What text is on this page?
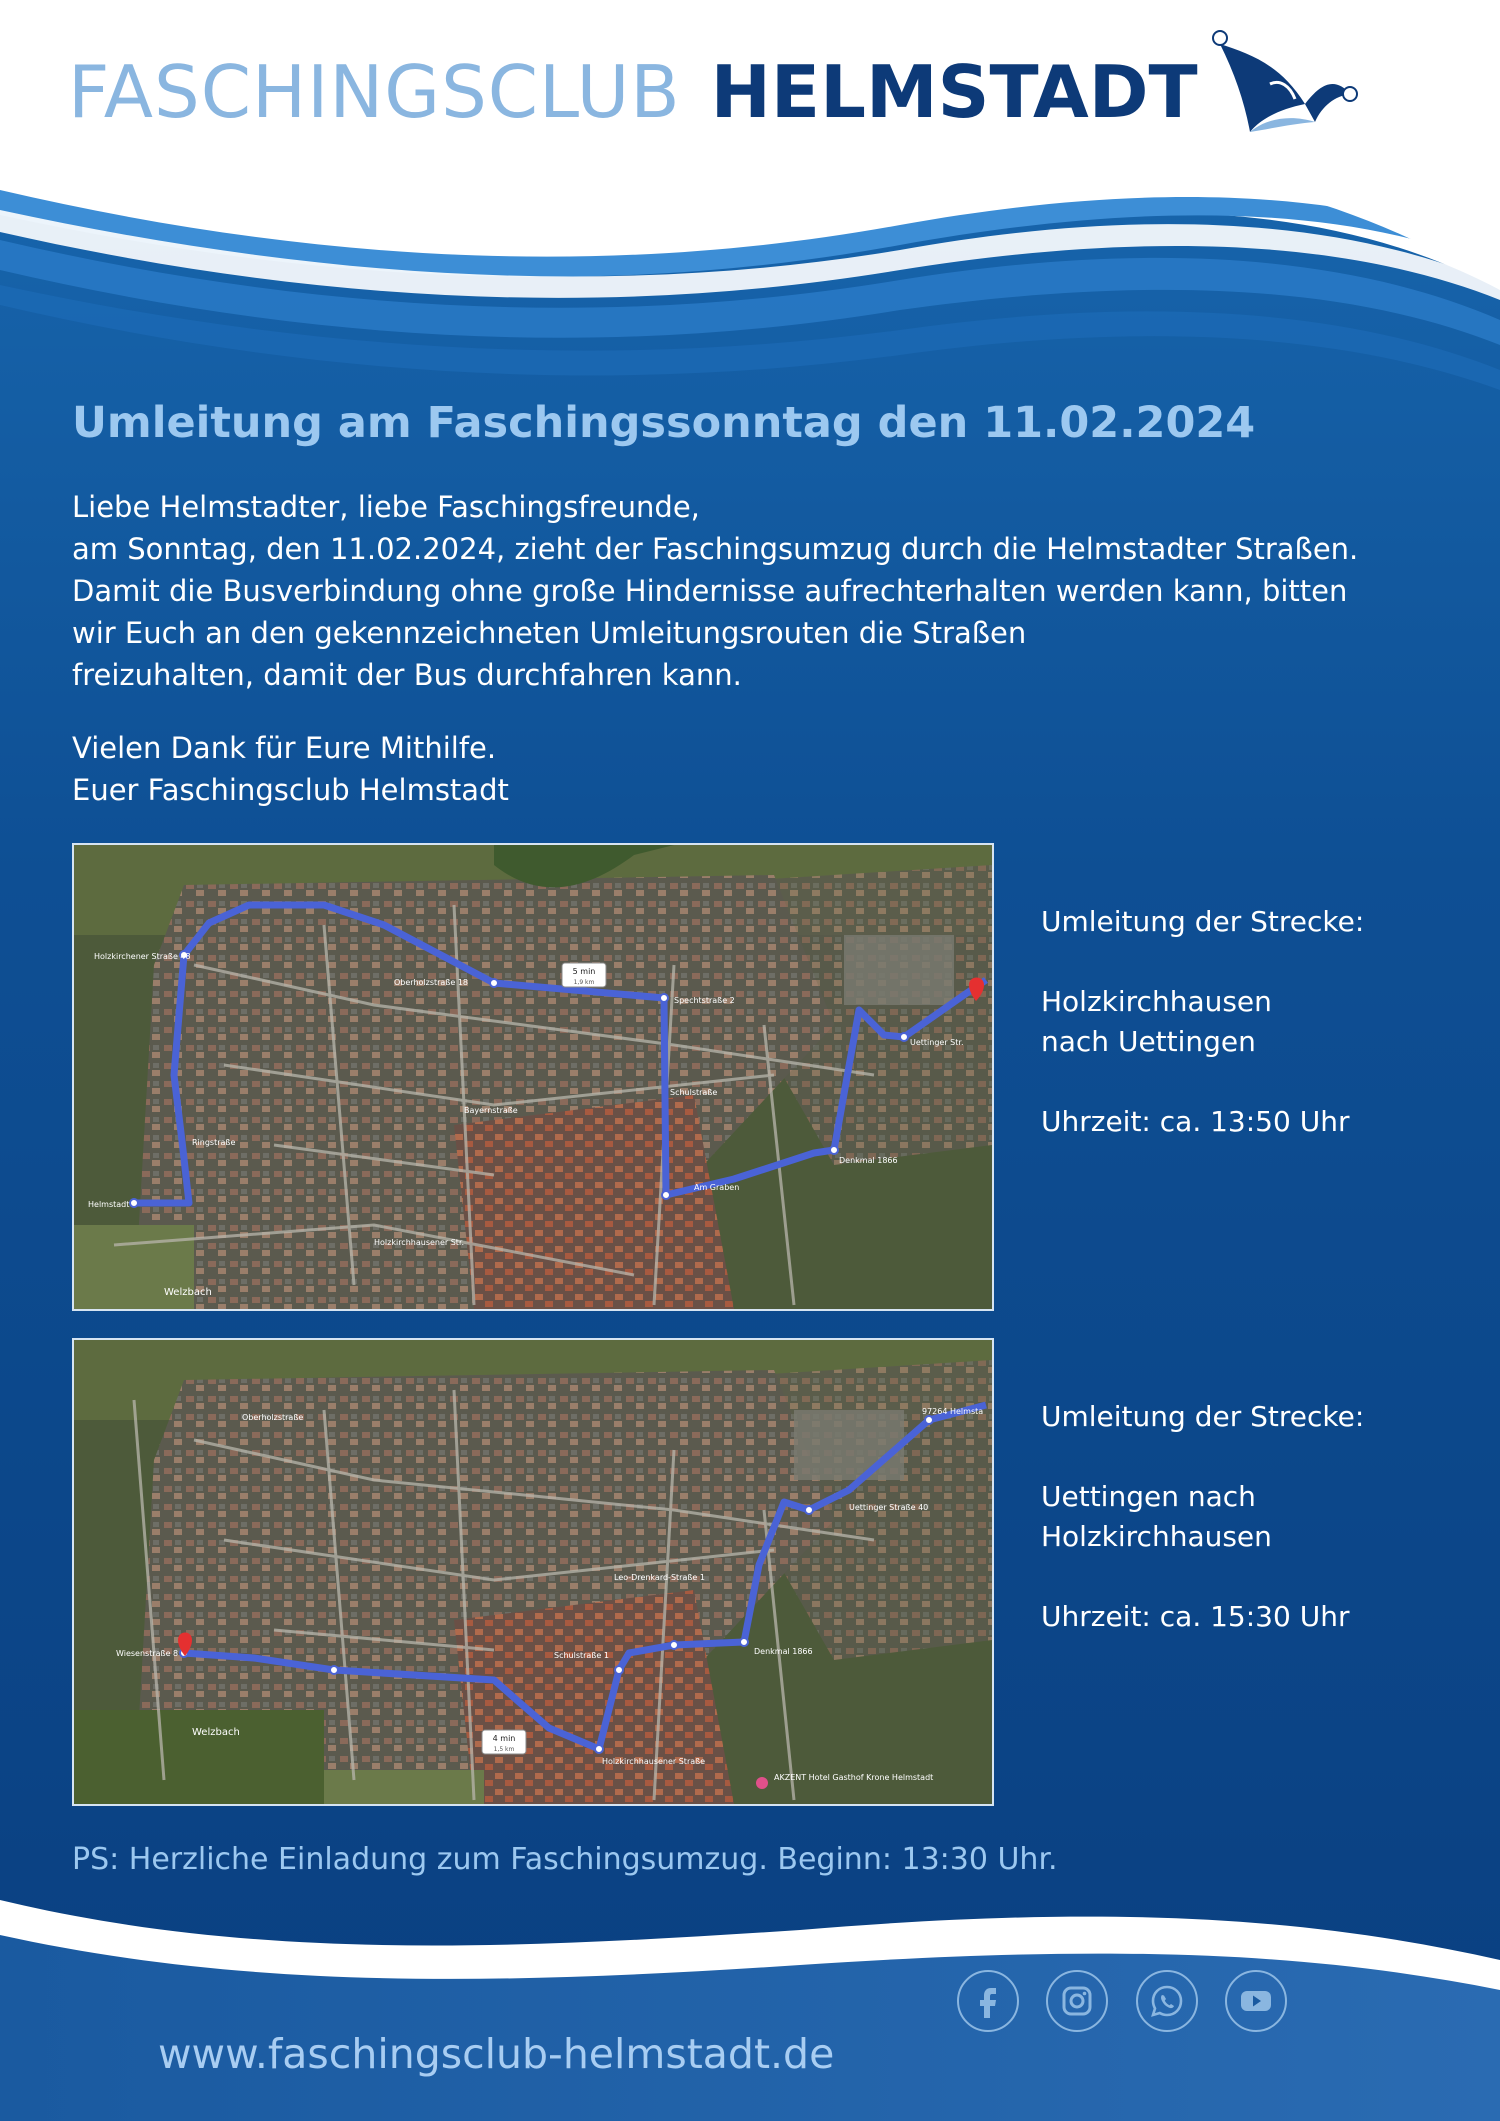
FASCHINGSCLUB HELMSTADT
Umleitung am Faschingssonntag den 11.02.2024
Liebe Helmstadter, liebe Faschingsfreunde,
am Sonntag, den 11.02.2024, zieht der Faschingsumzug durch die Helmstadter Straßen.
Damit die Busverbindung ohne große Hindernisse aufrechterhalten werden kann, bitten
wir Euch an den gekennzeichneten Umleitungsrouten die Straßen
freizuhalten, damit der Bus durchfahren kann.
Vielen Dank für Eure Mithilfe.
Euer Faschingsclub Helmstadt
5 min
1,9 km
Holzkirchener Straße 48
Oberholzstraße 18
Spechtstraße 2
Schulstraße
Am Graben
Denkmal 1866
Uettinger Str.
Helmstadt
Welzbach
Ringstraße
Holzkirchhausener Str.
Bayernstraße
Umleitung der Strecke:
Holzkirchhausen
nach Uettingen
Uhrzeit: ca. 13:50 Uhr
4 min
1,5 km
97264 Helmsta
Uettinger Straße 40
Leo-Drenkard-Straße 1
Denkmal 1866
Schulstraße 1
Wiesenstraße 8
Holzkirchhausener Straße
Welzbach
Oberholzstraße
AKZENT Hotel Gasthof Krone Helmstadt
Umleitung der Strecke:
Uettingen nach
Holzkirchhausen
Uhrzeit: ca. 15:30 Uhr
PS: Herzliche Einladung zum Faschingsumzug. Beginn: 13:30 Uhr.
www.faschingsclub-helmstadt.de
